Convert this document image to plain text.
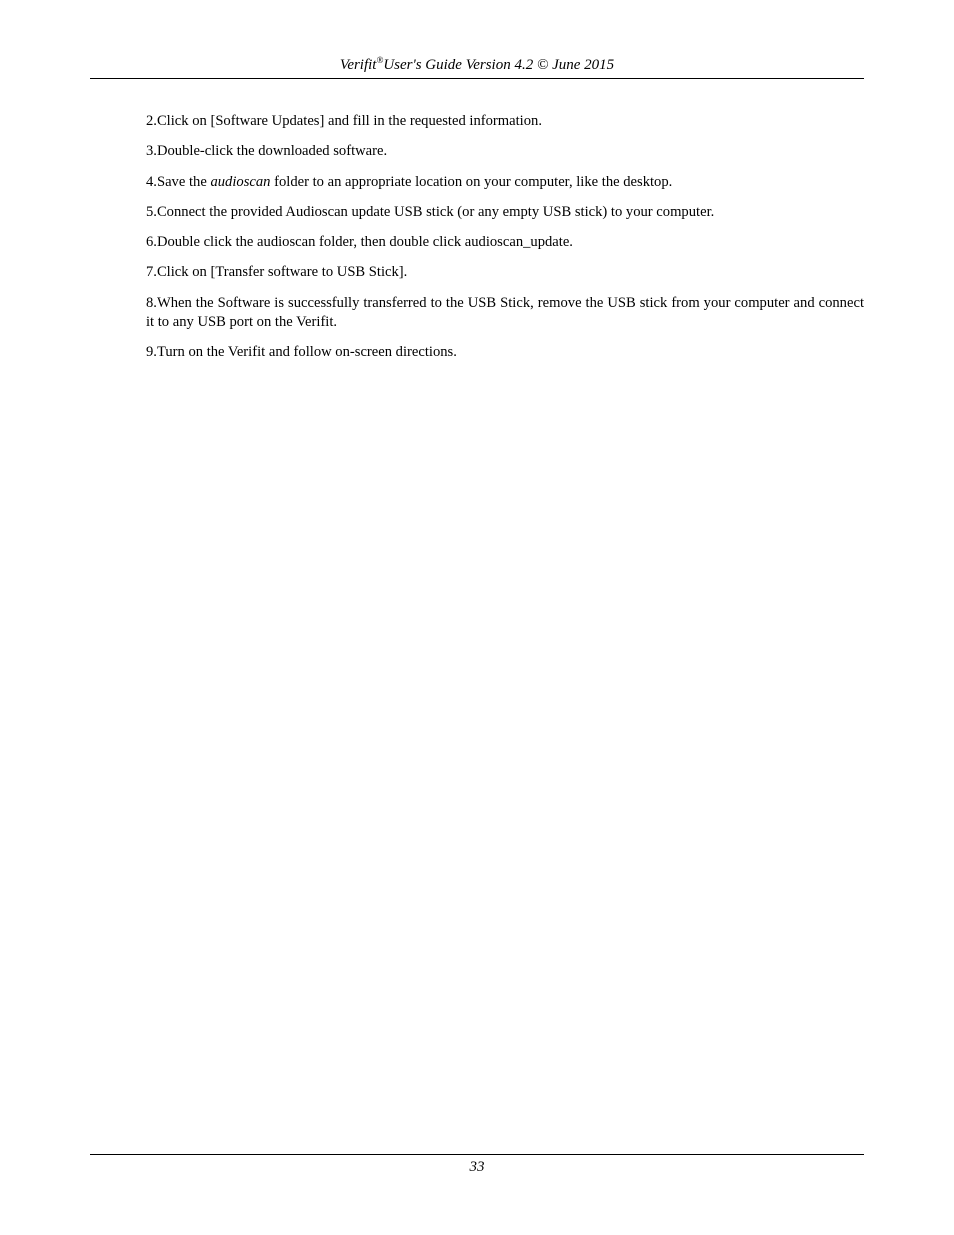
Verifit®User's Guide Version 4.2 © June 2015
2.Click on [Software Updates] and fill in the requested information.
3.Double-click the downloaded software.
4.Save the audioscan folder to an appropriate location on your computer, like the desktop.
5.Connect the provided Audioscan update USB stick (or any empty USB stick) to your computer.
6.Double click the audioscan folder, then double click audioscan_update.
7.Click on [Transfer software to USB Stick].
8.When the Software is successfully transferred to the USB Stick, remove the USB stick from your computer and connect it to any USB port on the Verifit.
9.Turn on the Verifit and follow on-screen directions.
33
